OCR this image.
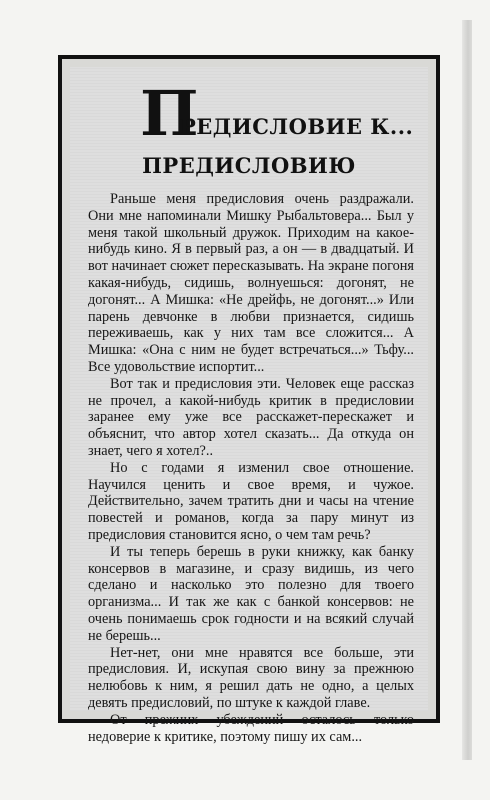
П
РЕДИСЛОВИЕ К...
ПРЕДИСЛОВИЮ

Раньше меня предисловия очень раздражали. Они мне напоминали Мишку Рыбальтовера... Был у меня такой школьный дружок. Приходим на какое-нибудь кино. Я в первый раз, а он — в двадцатый. И вот начинает сюжет пересказывать. На экране погоня какая-нибудь, сидишь, волнуешься: догонят, не догонят... А Мишка: «Не дрейфь, не догонят...» Или парень девчонке в любви признается, сидишь переживаешь, как у них там все сложится... А Мишка: «Она с ним не будет встречаться...» Тьфу... Все удовольствие испортит...

Вот так и предисловия эти. Человек еще рассказ не прочел, а какой-нибудь критик в предисловии заранее ему уже все расскажет-перескажет и объяснит, что автор хотел сказать... Да откуда он знает, чего я хотел?..

Но с годами я изменил свое отношение. Научился ценить и свое время, и чужое. Действительно, зачем тратить дни и часы на чтение повестей и романов, когда за пару минут из предисловия становится ясно, о чем там речь?

И ты теперь берешь в руки книжку, как банку консервов в магазине, и сразу видишь, из чего сделано и насколько это полезно для твоего организма... И так же как с банкой консервов: не очень понимаешь срок годности и на всякий случай не берешь...

Нет-нет, они мне нравятся все больше, эти предисловия. И, искупая свою вину за прежнюю нелюбовь к ним, я решил дать не одно, а целых девять предисловий, по штуке к каждой главе.

От прежних убеждений осталось только недоверие к критике, поэтому пишу их сам...
